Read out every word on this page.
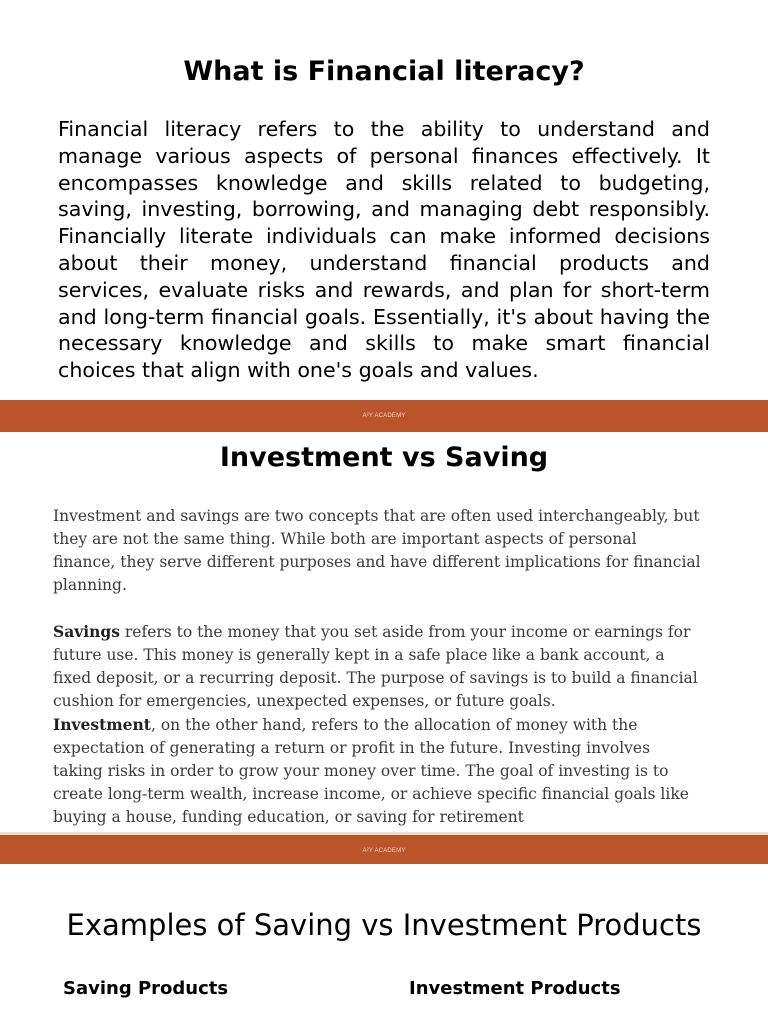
What is Financial literacy?
Financial literacy refers to the ability to understand and manage various aspects of personal finances effectively. It encompasses knowledge and skills related to budgeting, saving, investing, borrowing, and managing debt responsibly. Financially literate individuals can make informed decisions about their money, understand financial products and services, evaluate risks and rewards, and plan for short-term and long-term financial goals. Essentially, it's about having the necessary knowledge and skills to make smart financial choices that align with one's goals and values.
A²Y ACADEMY
Investment vs Saving

Investment and savings are two concepts that are often used interchangeably, but they are not the same thing. While both are important aspects of personal finance, they serve different purposes and have different implications for financial planning.

Savings refers to the money that you set aside from your income or earnings for future use. This money is generally kept in a safe place like a bank account, a fixed deposit, or a recurring deposit. The purpose of savings is to build a financial cushion for emergencies, unexpected expenses, or future goals.
Investment, on the other hand, refers to the allocation of money with the expectation of generating a return or profit in the future. Investing involves taking risks in order to grow your money over time. The goal of investing is to create long-term wealth, increase income, or achieve specific financial goals like buying a house, funding education, or saving for retirement

A²Y ACADEMY
Examples of Saving vs Investment Products
Saving Products	Investment Products
